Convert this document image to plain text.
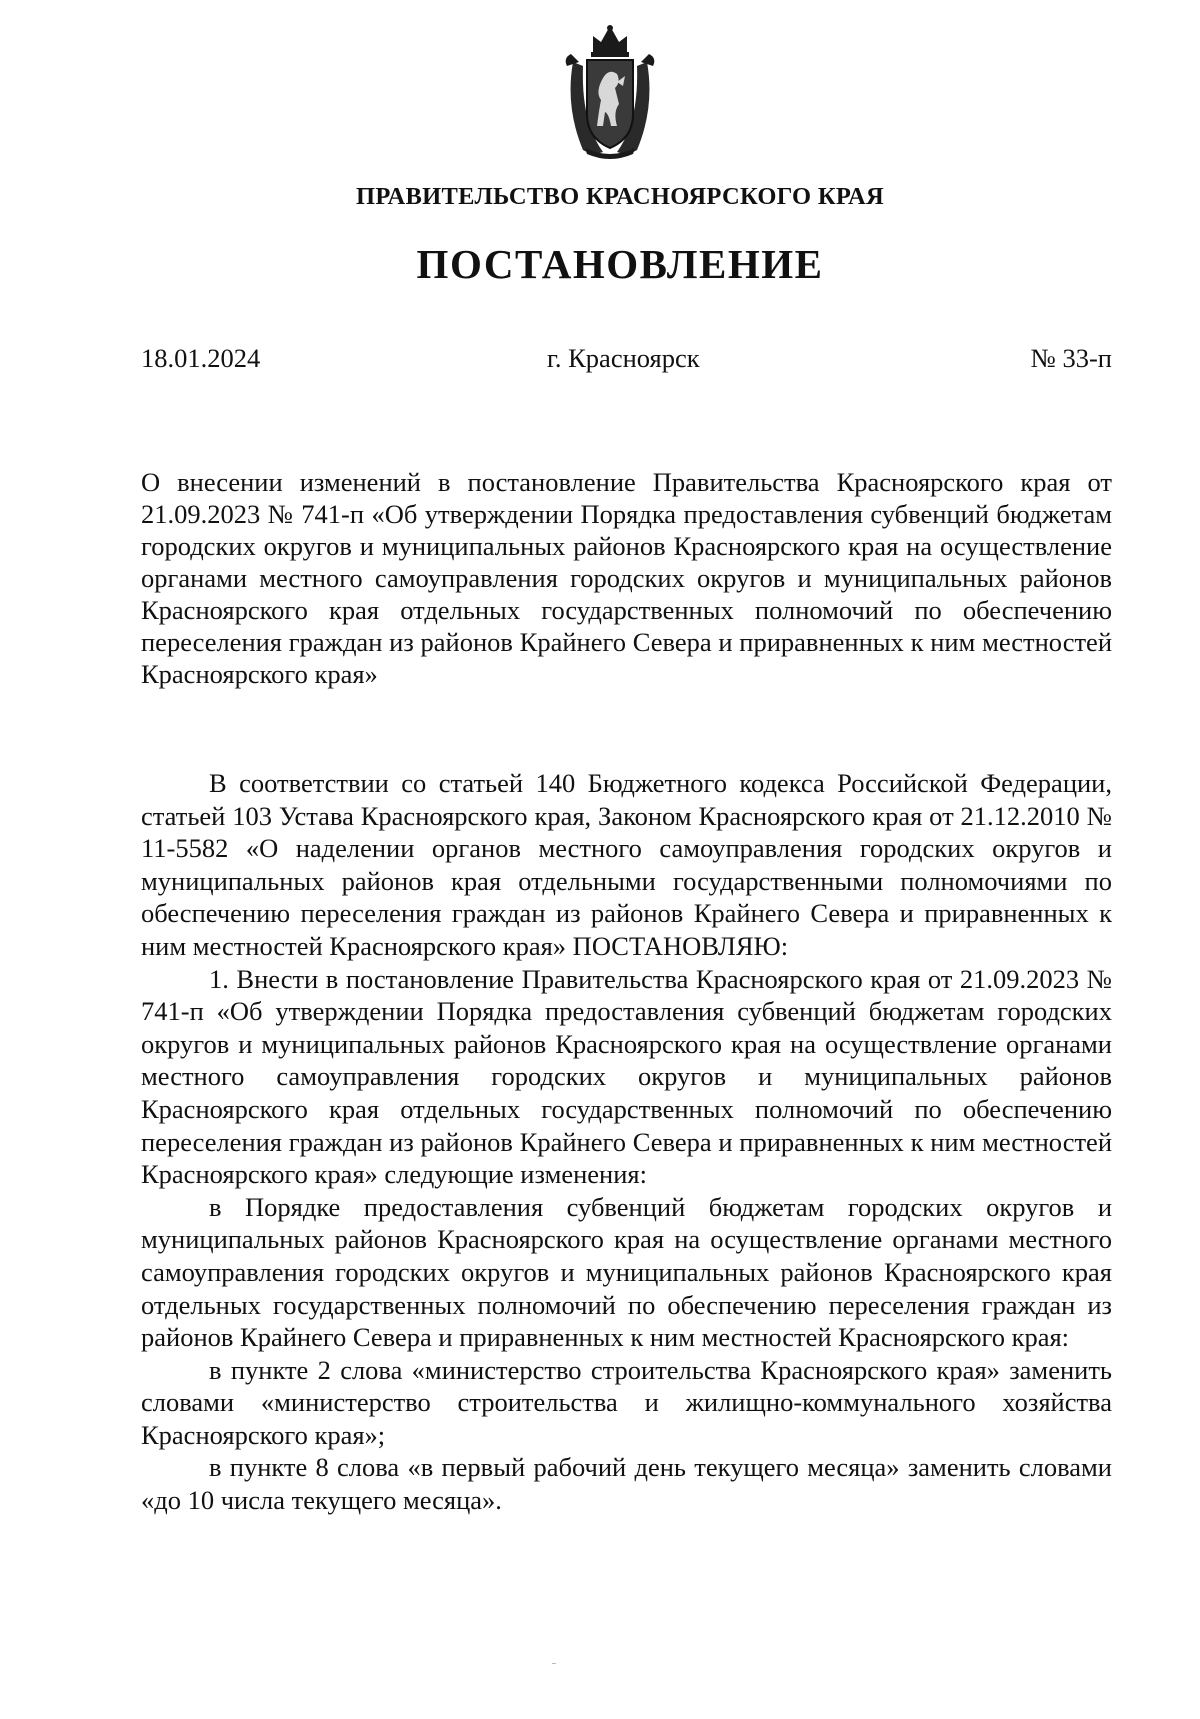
ПРАВИТЕЛЬСТВО КРАСНОЯРСКОГО КРАЯ
ПОСТАНОВЛЕНИЕ
18.01.2024	г. Красноярск	№ 33-п
О внесении изменений в постановление Правительства Красноярского края от 21.09.2023 № 741-п «Об утверждении Порядка предоставления субвенций бюджетам городских округов и муниципальных районов Красноярского края на осуществление органами местного самоуправления городских округов и муниципальных районов Красноярского края отдельных государственных полномочий по обеспечению переселения граждан из районов Крайнего Севера и приравненных к ним местностей Красноярского края»

В соответствии со статьей 140 Бюджетного кодекса Российской Федерации, статьей 103 Устава Красноярского края, Законом Красноярского края от 21.12.2010 № 11-5582 «О наделении органов местного самоуправления городских округов и муниципальных районов края отдельными государственными полномочиями по обеспечению переселения граждан из районов Крайнего Севера и приравненных к ним местностей Красноярского края» ПОСТАНОВЛЯЮ:

1. Внести в постановление Правительства Красноярского края от 21.09.2023 № 741-п «Об утверждении Порядка предоставления субвенций бюджетам городских округов и муниципальных районов Красноярского края на осуществление органами местного самоуправления городских округов и муниципальных районов Красноярского края отдельных государственных полномочий по обеспечению переселения граждан из районов Крайнего Севера и приравненных к ним местностей Красноярского края» следующие изменения:

в Порядке предоставления субвенций бюджетам городских округов и муниципальных районов Красноярского края на осуществление органами местного самоуправления городских округов и муниципальных районов Красноярского края отдельных государственных полномочий по обеспечению переселения граждан из районов Крайнего Севера и приравненных к ним местностей Красноярского края:

в пункте 2 слова «министерство строительства Красноярского края» заменить словами «министерство строительства и жилищно-коммунального хозяйства Красноярского края»;

в пункте 8 слова «в первый рабочий день текущего месяца» заменить словами «до 10 числа текущего месяца».
